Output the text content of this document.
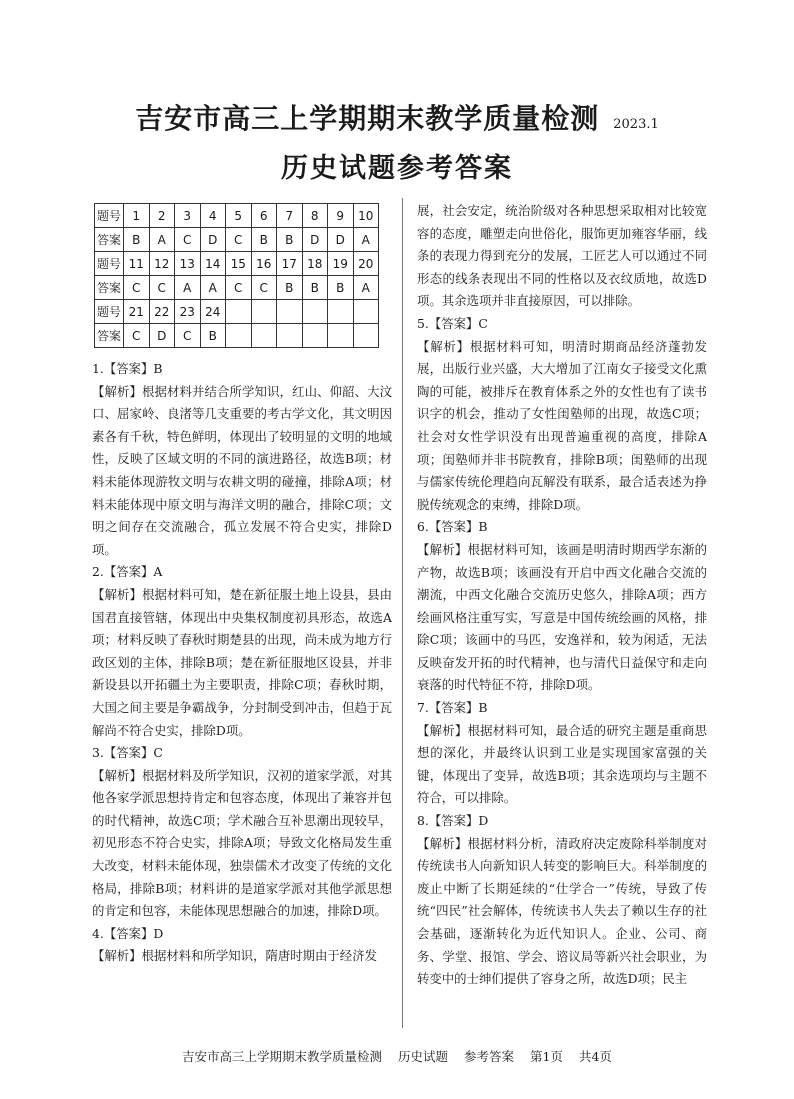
吉安市高三上学期期末教学质量检测 2023.1
历史试题参考答案
题号	1	2	3	4	5	6	7	8	9	10
答案	B	A	C	D	C	B	B	D	D	A
题号	11	12	13	14	15	16	17	18	19	20
答案	C	C	A	A	C	C	B	B	B	A
题号	21	22	23	24						
答案	C	D	C	B						

1.【答案】B

【解析】根据材料并结合所学知识，红山、仰韶、大汶口、屈家岭、良渚等几支重要的考古学文化，其文明因素各有千秋，特色鲜明，体现出了较明显的文明的地域性，反映了区域文明的不同的演进路径，故选B项；材料未能体现游牧文明与农耕文明的碰撞，排除A项；材料未能体现中原文明与海洋文明的融合，排除C项；文明之间存在交流融合，孤立发展不符合史实，排除D项。

2.【答案】A

【解析】根据材料可知，楚在新征服土地上设县，县由国君直接管辖，体现出中央集权制度初具形态，故选A项；材料反映了春秋时期楚县的出现，尚未成为地方行政区划的主体，排除B项；楚在新征服地区设县，并非新设县以开拓疆土为主要职责，排除C项；春秋时期，大国之间主要是争霸战争，分封制受到冲击，但趋于瓦解尚不符合史实，排除D项。

3.【答案】C

【解析】根据材料及所学知识，汉初的道家学派，对其他各家学派思想持肯定和包容态度，体现出了兼容并包的时代精神，故选C项；学术融合互补思潮出现较早，初见形态不符合史实，排除A项；导致文化格局发生重大改变，材料未能体现，独崇儒术才改变了传统的文化格局，排除B项；材料讲的是道家学派对其他学派思想的肯定和包容，未能体现思想融合的加速，排除D项。

4.【答案】D

【解析】根据材料和所学知识，隋唐时期由于经济发

展，社会安定，统治阶级对各种思想采取相对比较宽容的态度，雕塑走向世俗化，服饰更加雍容华丽，线条的表现力得到充分的发展，工匠艺人可以通过不同形态的线条表现出不同的性格以及衣纹质地，故选D项。其余选项并非直接原因，可以排除。

5.【答案】C

【解析】根据材料可知，明清时期商品经济蓬勃发展，出版行业兴盛，大大增加了江南女子接受文化熏陶的可能，被排斥在教育体系之外的女性也有了读书识字的机会，推动了女性闺塾师的出现，故选C项；社会对女性学识没有出现普遍重视的高度，排除A项；闺塾师并非书院教育，排除B项；闺塾师的出现与儒家传统伦理趋向瓦解没有联系，最合适表述为挣脱传统观念的束缚，排除D项。

6.【答案】B

【解析】根据材料可知，该画是明清时期西学东渐的产物，故选B项；该画没有开启中西文化融合交流的潮流，中西文化融合交流历史悠久，排除A项；西方绘画风格注重写实，写意是中国传统绘画的风格，排除C项；该画中的马匹，安逸祥和，较为闲适，无法反映奋发开拓的时代精神，也与清代日益保守和走向衰落的时代特征不符，排除D项。

7.【答案】B

【解析】根据材料可知，最合适的研究主题是重商思想的深化，并最终认识到工业是实现国家富强的关键，体现出了变异，故选B项；其余选项均与主题不符合，可以排除。

8.【答案】D

【解析】根据材料分析，清政府决定废除科举制度对传统读书人向新知识人转变的影响巨大。科举制度的废止中断了长期延续的“仕学合一”传统，导致了传统“四民”社会解体，传统读书人失去了赖以生存的社会基础，逐渐转化为近代知识人。企业、公司、商务、学堂、报馆、学会、谘议局等新兴社会职业，为转变中的士绅们提供了容身之所，故选D项；民主

吉安市高三上学期期末教学质量检测 历史试题 参考答案 第1页 共4页
